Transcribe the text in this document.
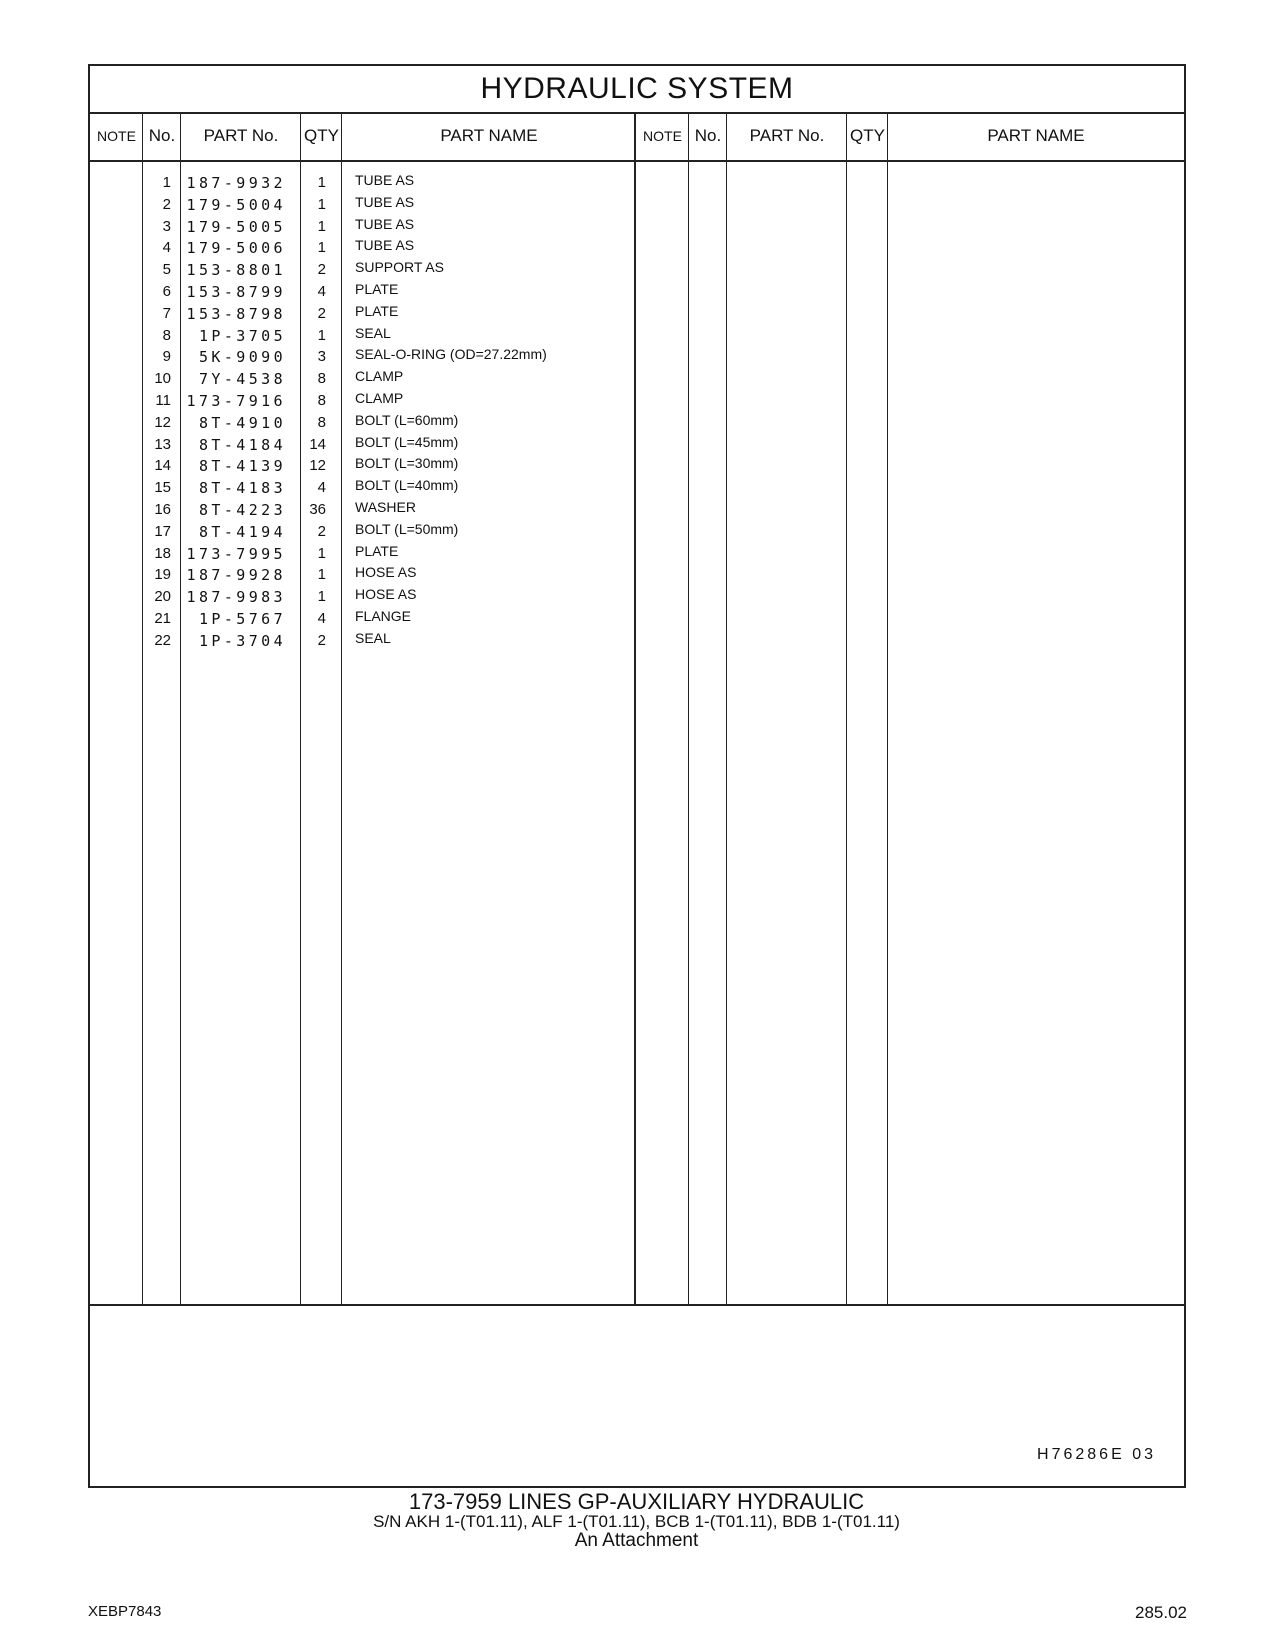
HYDRAULIC SYSTEM
NOTE No.	PART No.	QTY	PART NAME	NOTE No.	PART No.	QTY	PART NAME
1	187-9932	1 TUBE AS
2	179-5004	1 TUBE AS
3	179-5005	1 TUBE AS
4	179-5006	1 TUBE AS
5	153-8801	2 SUPPORT AS
6	153-8799	4 PLATE
7	153-8798	2 PLATE
8	1P-3705	1 SEAL
9	5K-9090	3 SEAL-O-RING (OD=27.22mm)
10	7Y-4538	8 CLAMP
11	173-7916	8 CLAMP
12	8T-4910	8 BOLT (L=60mm)
13	8T-4184	14 BOLT (L=45mm)
14	8T-4139	12 BOLT (L=30mm)
15	8T-4183	4 BOLT (L=40mm)
16	8T-4223	36 WASHER
17	8T-4194	2 BOLT (L=50mm)
18	173-7995	1 PLATE
19	187-9928	1 HOSE AS
20	187-9983	1 HOSE AS
21	1P-5767	4 FLANGE
22	1P-3704	2 SEAL
H76286E 03
173-7959 LINES GP-AUXILIARY HYDRAULIC
S/N AKH 1-(T01.11), ALF 1-(T01.11), BCB 1-(T01.11), BDB 1-(T01.11)
An Attachment
XEBP7843	285.02
